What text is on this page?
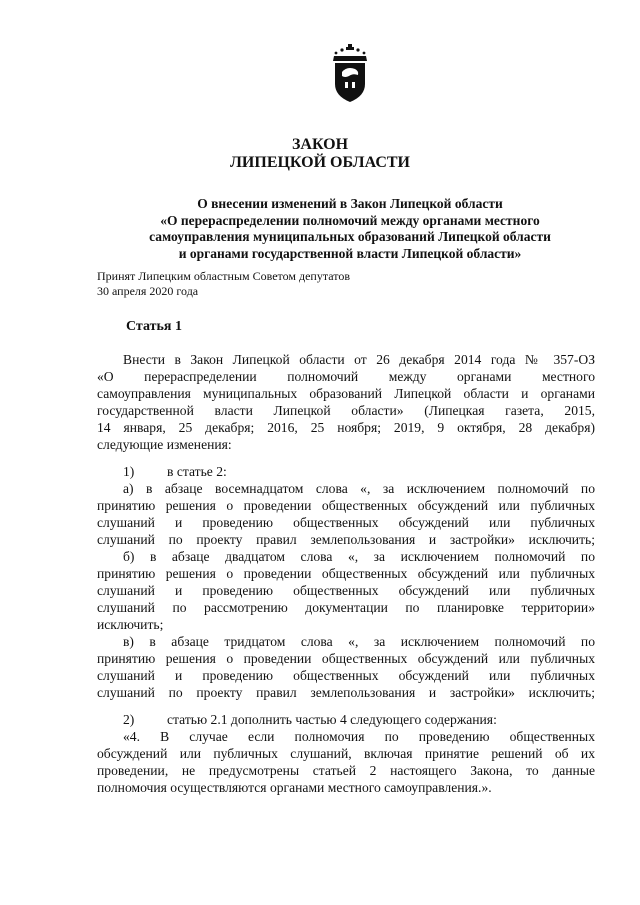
ЗАКОН
ЛИПЕЦКОЙ ОБЛАСТИ
О внесении изменений в Закон Липецкой области
«О перераспределении полномочий между органами местного
самоуправления муниципальных образований Липецкой области
и органами государственной власти Липецкой области»
Принят Липецким областным Советом депутатов
30 апреля 2020 года
Статья 1
Внести в Закон Липецкой области от 26 декабря 2014 года № 357-ОЗ
«О перераспределении полномочий между органами местного
самоуправления муниципальных образований Липецкой области и органами
государственной власти Липецкой области» (Липецкая газета, 2015,
14 января, 25 декабря; 2016, 25 ноября; 2019, 9 октября, 28 декабря)
следующие изменения:
1) в статье 2:
а) в абзаце восемнадцатом слова «, за исключением полномочий по
принятию решения о проведении общественных обсуждений или публичных
слушаний и проведению общественных обсуждений или публичных
слушаний по проекту правил землепользования и застройки» исключить;
б) в абзаце двадцатом слова «, за исключением полномочий по
принятию решения о проведении общественных обсуждений или публичных
слушаний и проведению общественных обсуждений или публичных
слушаний по рассмотрению документации по планировке территории»
исключить;
в) в абзаце тридцатом слова «, за исключением полномочий по
принятию решения о проведении общественных обсуждений или публичных
слушаний и проведению общественных обсуждений или публичных
слушаний по проекту правил землепользования и застройки» исключить;
2) статью 2.1 дополнить частью 4 следующего содержания:
«4. В случае если полномочия по проведению общественных
обсуждений или публичных слушаний, включая принятие решений об их
проведении, не предусмотрены статьей 2 настоящего Закона, то данные
полномочия осуществляются органами местного самоуправления.».
